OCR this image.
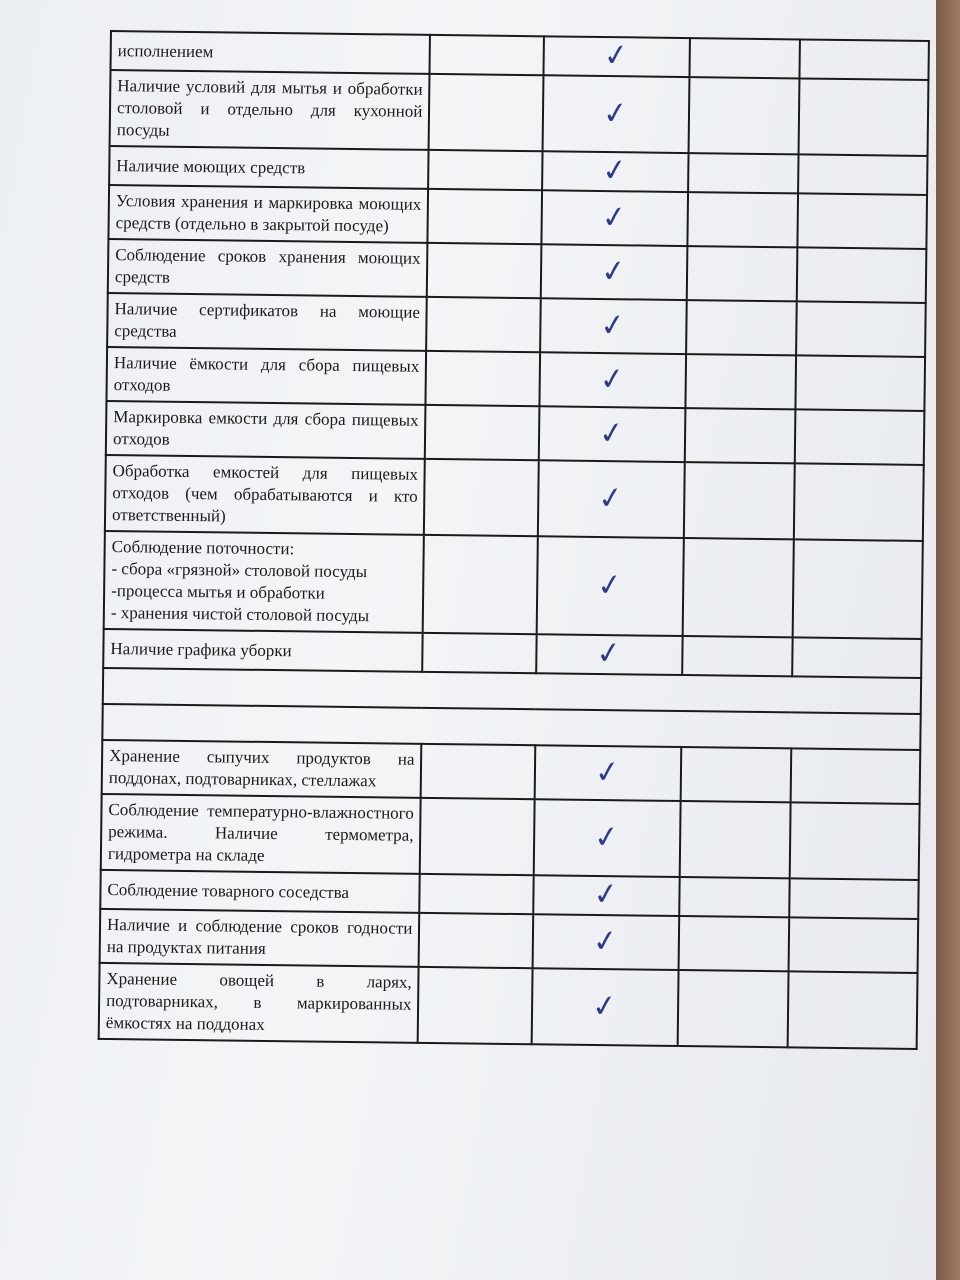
исполнением		✓		
Наличие условий для мытья и обработки столовой и отдельно для кухонной посуды		✓		
Наличие моющих средств		✓		
Условия хранения и маркировка моющих средств (отдельно в закрытой посуде)		✓		
Соблюдение сроков хранения моющих средств		✓		
Наличие сертификатов на моющие средства		✓		
Наличие ёмкости для сбора пищевых отходов		✓		
Маркировка емкости для сбора пищевых отходов		✓		
Обработка емкостей для пищевых отходов (чем обрабатываются и кто ответственный)		✓		
Соблюдение поточности:
- сбора «грязной» столовой посуды
-процесса мытья и обработки
- хранения чистой столовой посуды		✓		
Наличие графика уборки		✓		

Хранение сыпучих продуктов на поддонах, подтоварниках, стеллажах		✓		
Соблюдение температурно-влажностного режима. Наличие термометра, гидрометра на складе		✓		
Соблюдение товарного соседства		✓		
Наличие и соблюдение сроков годности на продуктах питания		✓		
Хранение овощей в ларях, подтоварниках, в маркированных ёмкостях на поддонах		✓		
